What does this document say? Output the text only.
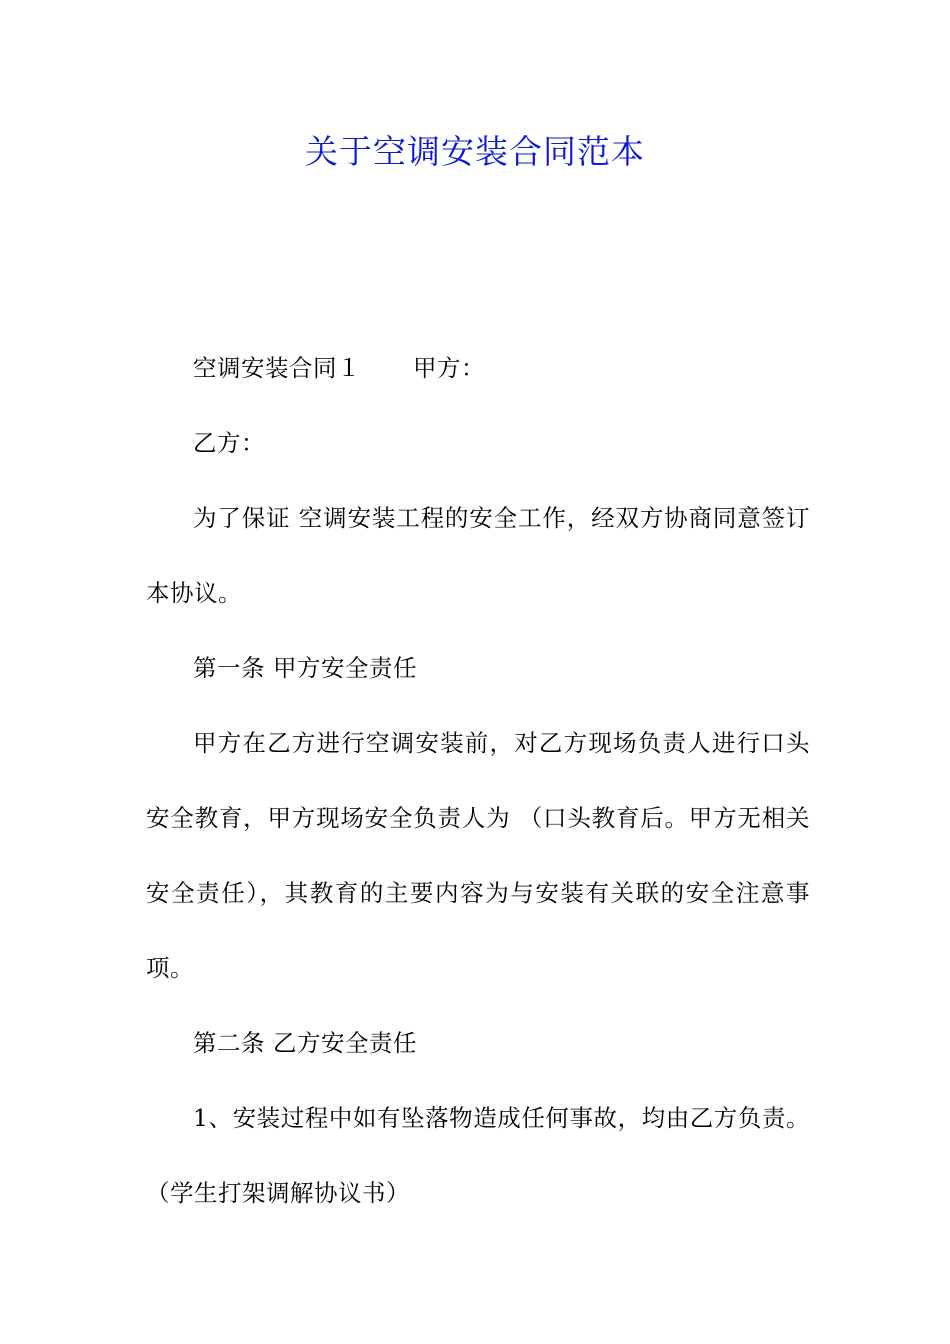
关于空调安装合同范本

空调安装合同１ 甲方：

乙方：

为了保证 空调安装工程的安全工作，经双方协商同意签订本协议。

第一条 甲方安全责任

甲方在乙方进行空调安装前，对乙方现场负责人进行口头安全教育，甲方现场安全负责人为 （口头教育后。甲方无相关安全责任），其教育的主要内容为与安装有关联的安全注意事项。

第二条 乙方安全责任

1、安装过程中如有坠落物造成任何事故，均由乙方负责。（学生打架调解协议书）
